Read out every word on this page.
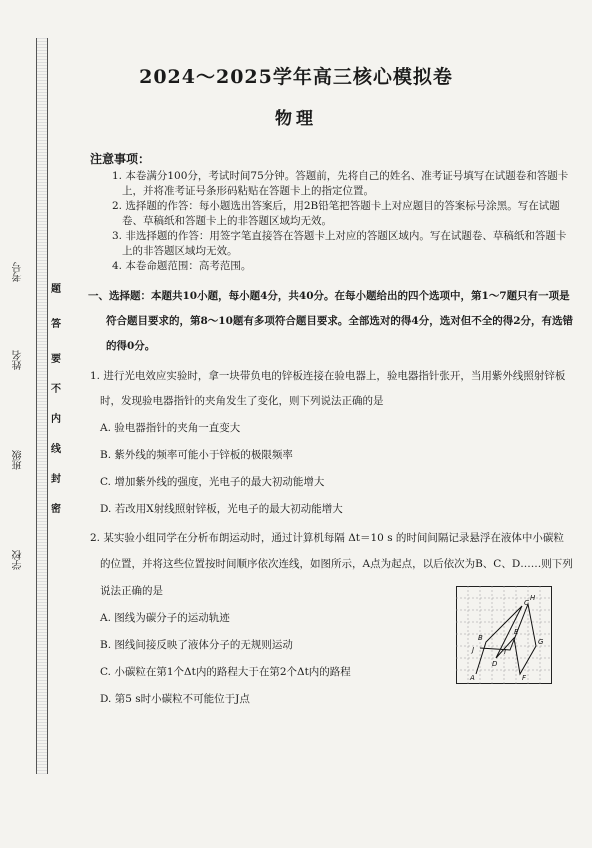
考号
姓名
班级
学校
题
答
要
不
内
线
封
密
2024～2025学年高三核心模拟卷
物理
注意事项：
1. 本卷满分100分，考试时间75分钟。答题前，先将自己的姓名、准考证号填写在试题卷和答题卡
上，并将准考证号条形码粘贴在答题卡上的指定位置。
2. 选择题的作答：每小题选出答案后，用2B铅笔把答题卡上对应题目的答案标号涂黑。写在试题
卷、草稿纸和答题卡上的非答题区域均无效。
3. 非选择题的作答：用签字笔直接答在答题卡上对应的答题区域内。写在试题卷、草稿纸和答题卡
上的非答题区域均无效。
4. 本卷命题范围：高考范围。
一、选择题：本题共10小题，每小题4分，共40分。在每小题给出的四个选项中，第1～7题只有一项是
符合题目要求的，第8～10题有多项符合题目要求。全部选对的得4分，选对但不全的得2分，有选错
的得0分。
1. 进行光电效应实验时，拿一块带负电的锌板连接在验电器上，验电器指针张开，当用紫外线照射锌板
时，发现验电器指针的夹角发生了变化，则下列说法正确的是
A. 验电器指针的夹角一直变大
B. 紫外线的频率可能小于锌板的极限频率
C. 增加紫外线的强度，光电子的最大初动能增大
D. 若改用X射线照射锌板，光电子的最大初动能增大
2. 某实验小组同学在分析布朗运动时，通过计算机每隔 Δt＝10 s 的时间间隔记录悬浮在液体中小碳粒
的位置，并将这些位置按时间顺序依次连线，如图所示，A点为起点，以后依次为B、C、D……则下列
说法正确的是
A. 图线为碳分子的运动轨迹
B. 图线间接反映了液体分子的无规则运动
C. 小碳粒在第1个Δt内的路程大于在第2个Δt内的路程
D. 第5 s时小碳粒不可能位于J点
A
B
C
D
E
F
G
H
I
J
